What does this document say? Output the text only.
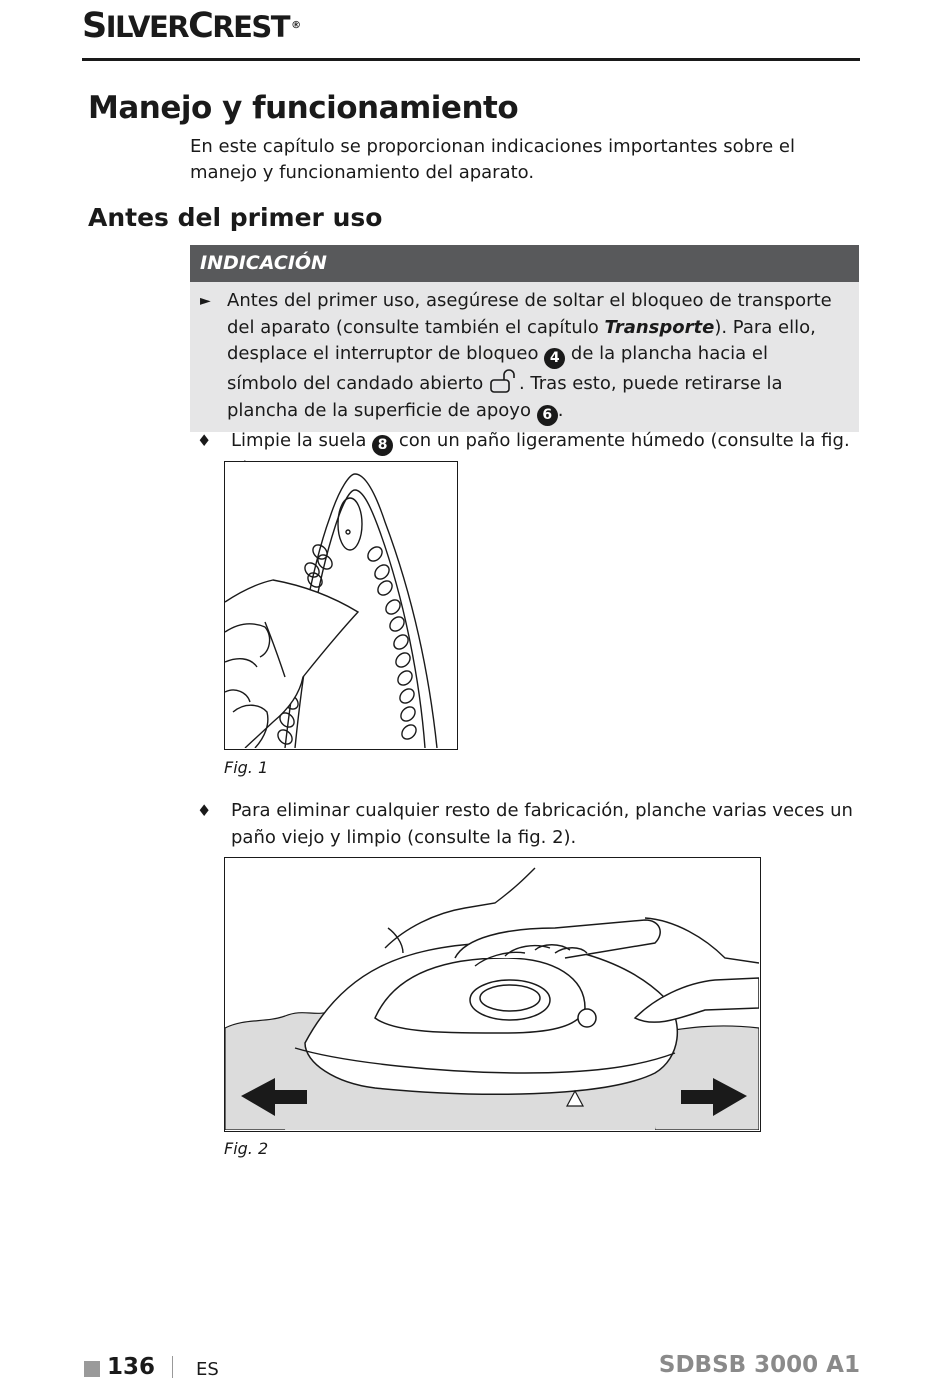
SILVERCREST ®
Manejo y funcionamiento

En este capítulo se proporcionan indicaciones importantes sobre el manejo y funcionamiento del aparato.

Antes del primer uso
INDICACIÓN
► Antes del primer uso, asegúrese de soltar el bloqueo de transporte del aparato (consulte también el capítulo Transporte). Para ello, desplace el interruptor de bloqueo 4 de la plancha hacia el símbolo del candado abierto . Tras esto, puede retirarse la plancha de la superficie de apoyo 6 .
♦ Limpie la suela 8 con un paño ligeramente húmedo (consulte la fig.
Fig. 1
♦ Para eliminar cualquier resto de fabricación, planche varias veces un paño viejo y limpio (consulte la fig. 2).
Fig. 2
136 ES	SDBSB 3000 A1
